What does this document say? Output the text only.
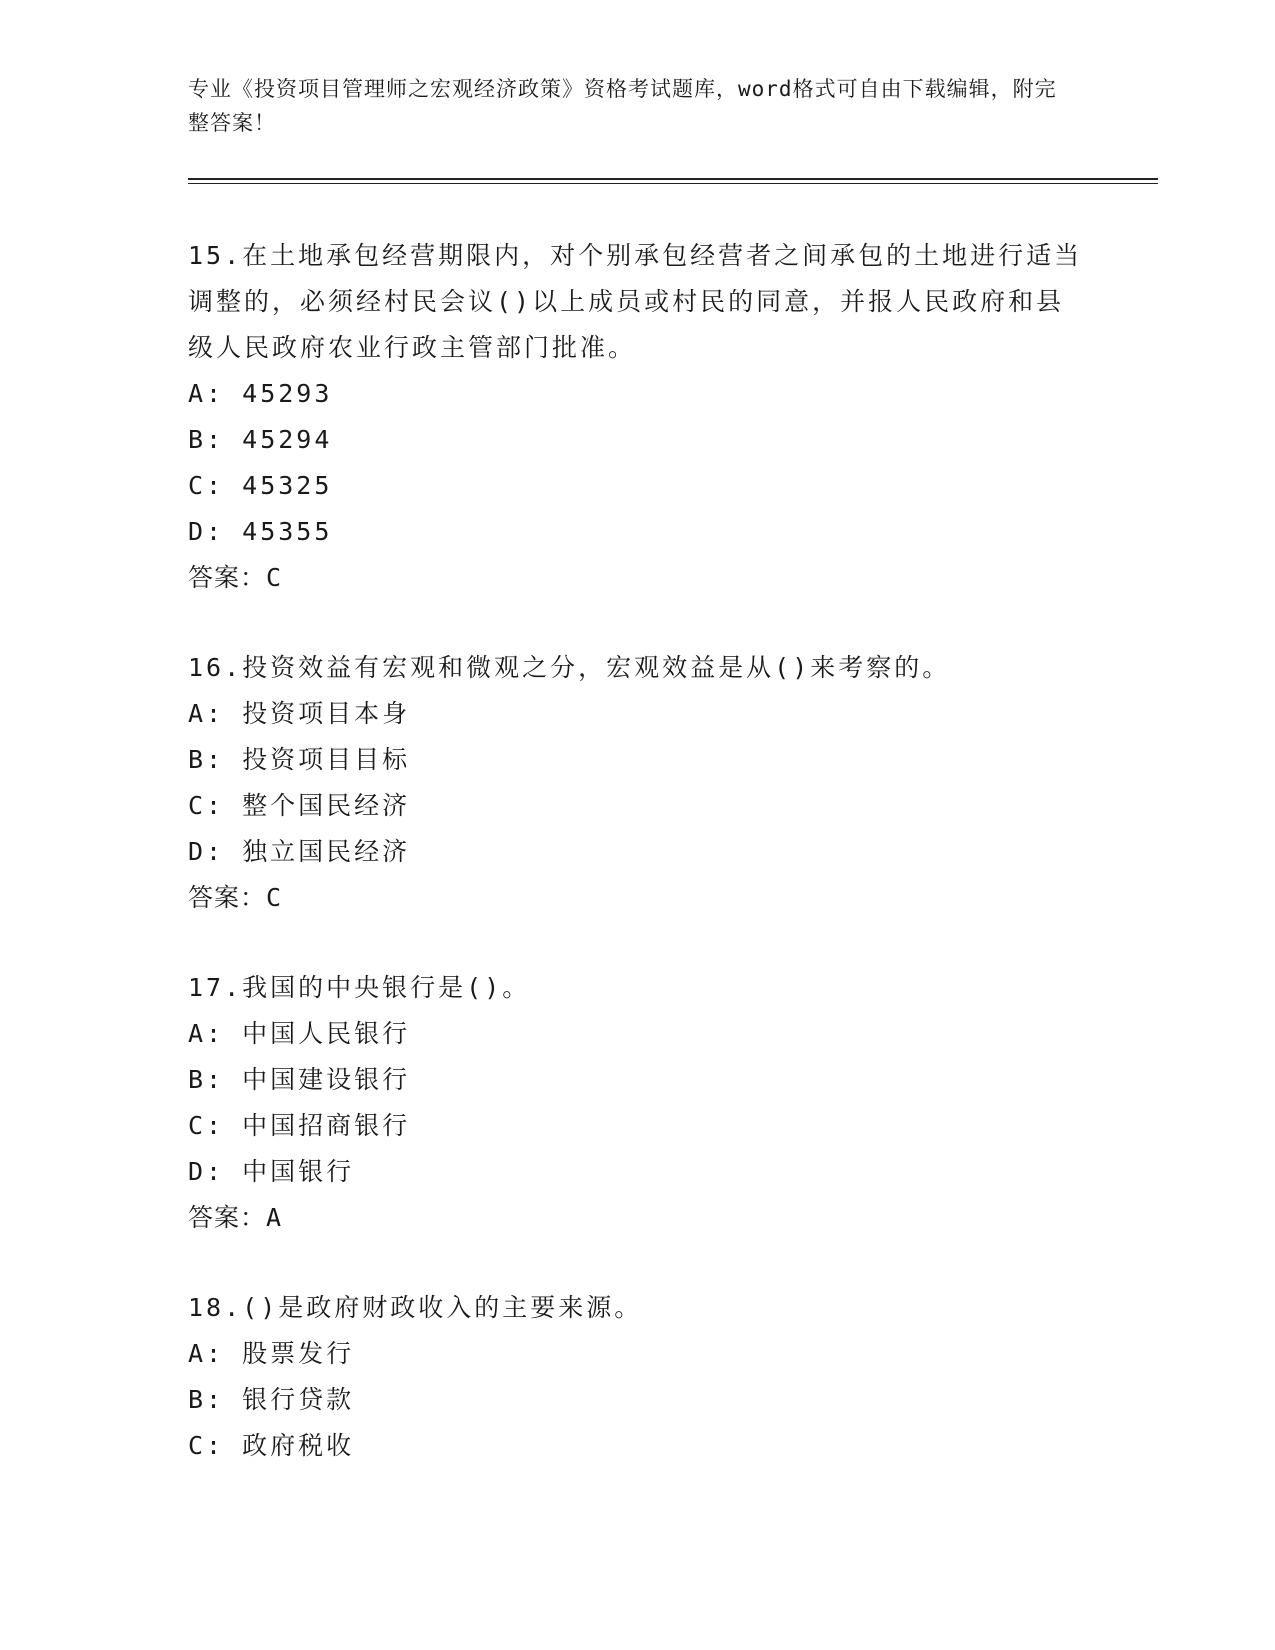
专业《投资项目管理师之宏观经济政策》资格考试题库，word格式可自由下载编辑，附完整答案！

15.在土地承包经营期限内，对个别承包经营者之间承包的土地进行适当调整的，必须经村民会议()以上成员或村民的同意，并报人民政府和县级人民政府农业行政主管部门批准。

A: 45293

B: 45294

C: 45325

D: 45355

答案：C

16.投资效益有宏观和微观之分，宏观效益是从()来考察的。

A: 投资项目本身

B: 投资项目目标

C: 整个国民经济

D: 独立国民经济

答案：C

17.我国的中央银行是()。

A: 中国人民银行

B: 中国建设银行

C: 中国招商银行

D: 中国银行

答案：A

18.()是政府财政收入的主要来源。

A: 股票发行

B: 银行贷款

C: 政府税收
